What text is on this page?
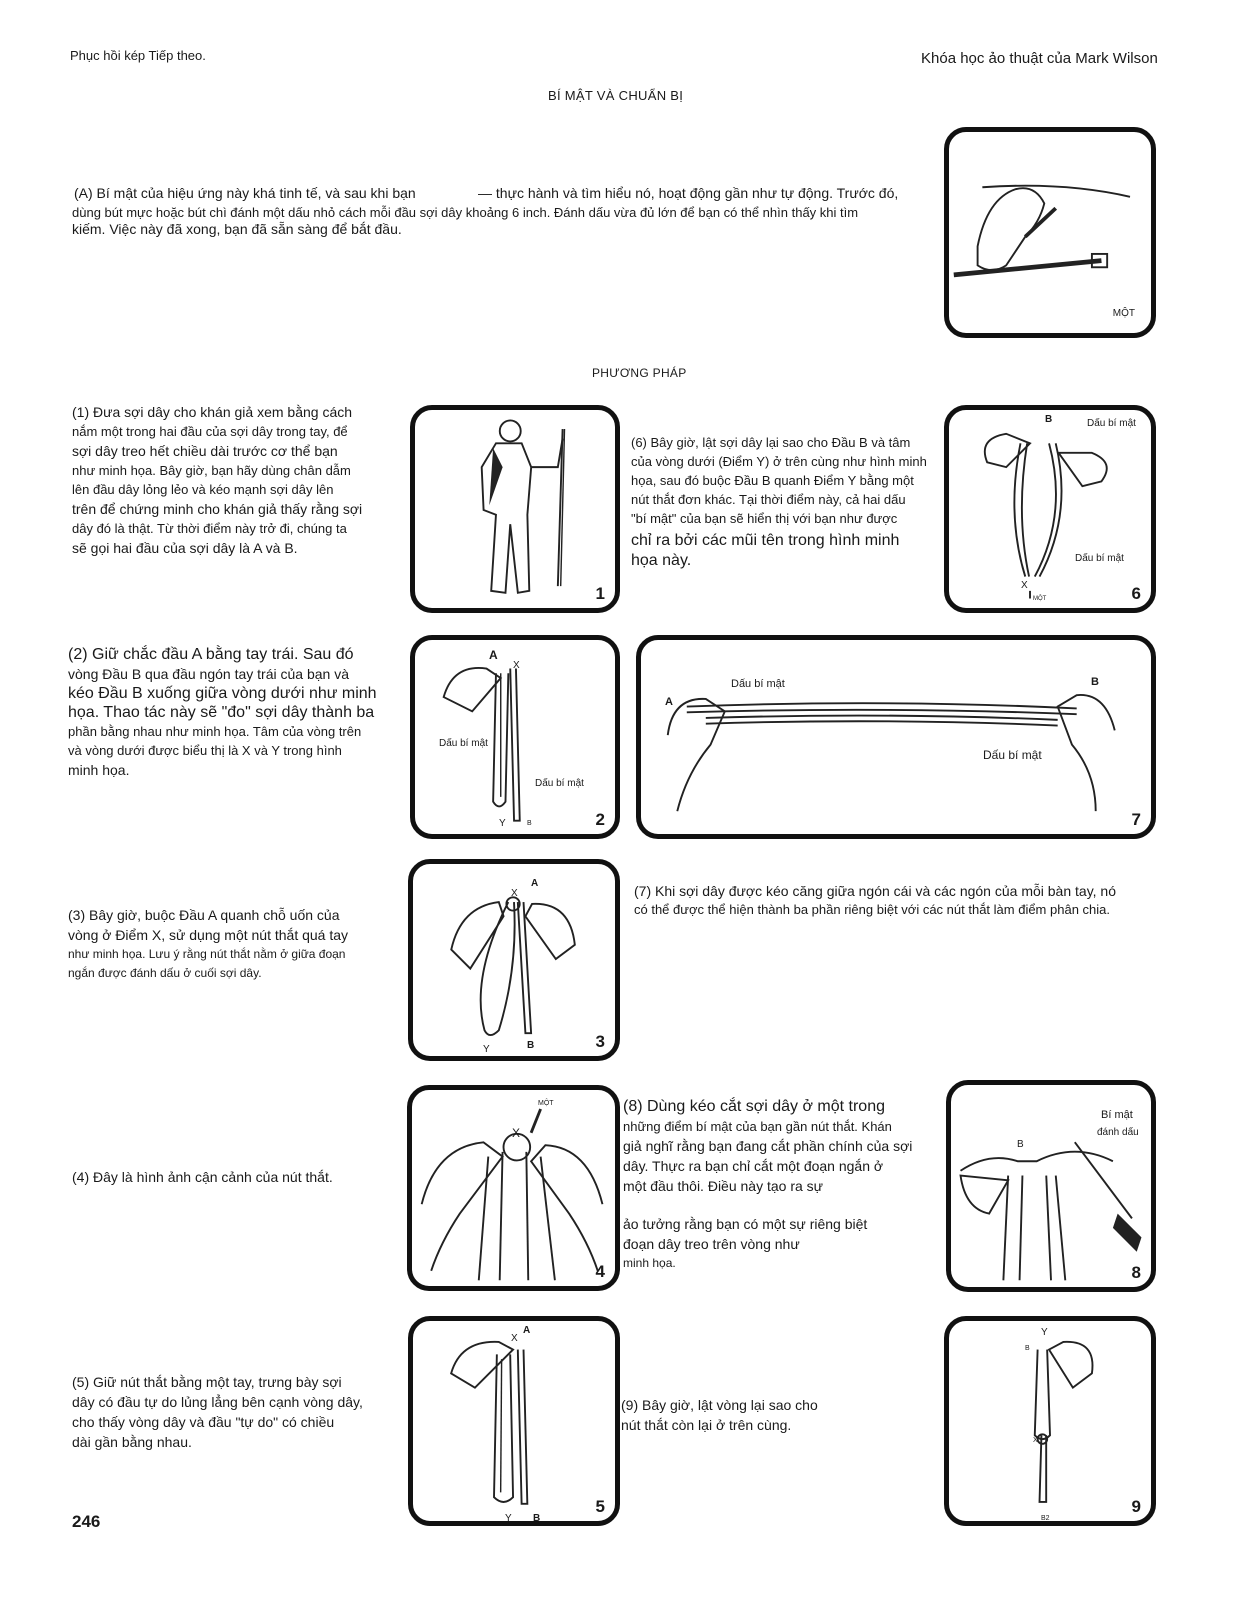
Phục hồi kép Tiếp theo.	Khóa học ảo thuật của Mark Wilson
BÍ MẬT VÀ CHUẨN BỊ
(A) Bí mật của hiệu ứng này khá tinh tế, và sau khi bạn	— thực hành và tìm hiểu nó, hoạt động gần như tự động. Trước đó,
dùng bút mực hoặc bút chì đánh một dấu nhỏ cách mỗi đầu sợi dây khoảng 6 inch. Đánh dấu vừa đủ lớn để bạn có thể nhìn thấy khi tìm
kiếm. Việc này đã xong, bạn đã sẵn sàng để bắt đầu.
MỘT
PHƯƠNG PHÁP
(1) Đưa sợi dây cho khán giả xem bằng cách
nắm một trong hai đầu của sợi dây trong tay, để
sợi dây treo hết chiều dài trước cơ thể bạn
như minh họa. Bây giờ, bạn hãy dùng chân dẫm
lên đầu dây lỏng lẻo và kéo mạnh sợi dây lên
trên để chứng minh cho khán giả thấy rằng sợi
dây đó là thật. Từ thời điểm này trở đi, chúng ta
sẽ gọi hai đầu của sợi dây là A và B.
1
(6) Bây giờ, lật sợi dây lại sao cho Đầu B và tâm
của vòng dưới (Điểm Y) ở trên cùng như hình minh
họa, sau đó buộc Đầu B quanh Điểm Y bằng một
nút thắt đơn khác. Tại thời điểm này, cả hai dấu
"bí mật" của bạn sẽ hiển thị với bạn như được
chỉ ra bởi các mũi tên trong hình minh
họa này.
Dấu bí mật
Dấu bí mật
B
X
MỘT	6
(2) Giữ chắc đầu A bằng tay trái. Sau đó
vòng Đầu B qua đầu ngón tay trái của bạn và
kéo Đầu B xuống giữa vòng dưới như minh
họa. Thao tác này sẽ "đo" sợi dây thành ba
phần bằng nhau như minh họa. Tâm của vòng trên
và vòng dưới được biểu thị là X và Y trong hình
minh họa.
A
X
Dấu bí mật
Dấu bí mật
Y	B	2
Dấu bí mật
Dấu bí mật
A
B
7
(7) Khi sợi dây được kéo căng giữa ngón cái và các ngón của mỗi bàn tay, nó
có thể được thể hiện thành ba phần riêng biệt với các nút thắt làm điểm phân chia.
(3) Bây giờ, buộc Đầu A quanh chỗ uốn của
vòng ở Điểm X, sử dụng một nút thắt quá tay
như minh họa. Lưu ý rằng nút thắt nằm ở giữa đoạn
ngắn được đánh dấu ở cuối sợi dây.
X
A
Y	B	3
(4) Đây là hình ảnh cận cảnh của nút thắt.
MỘT
X
4
(8) Dùng kéo cắt sợi dây ở một trong
những điểm bí mật của bạn gần nút thắt. Khán
giả nghĩ rằng bạn đang cắt phần chính của sợi
dây. Thực ra bạn chỉ cắt một đoạn ngắn ở
một đầu thôi. Điều này tạo ra sự
ảo tưởng rằng bạn có một sự riêng biệt
đoạn dây treo trên vòng như
minh họa.
Bí mật
đánh dấu
B
8
(5) Giữ nút thắt bằng một tay, trưng bày sợi
dây có đầu tự do lủng lẳng bên cạnh vòng dây,
cho thấy vòng dây và đầu "tự do" có chiều
dài gần bằng nhau.
X
A
Y B
5
(9) Bây giờ, lật vòng lại sao cho
nút thắt còn lại ở trên cùng.
Y
B
X
B2
9
246
